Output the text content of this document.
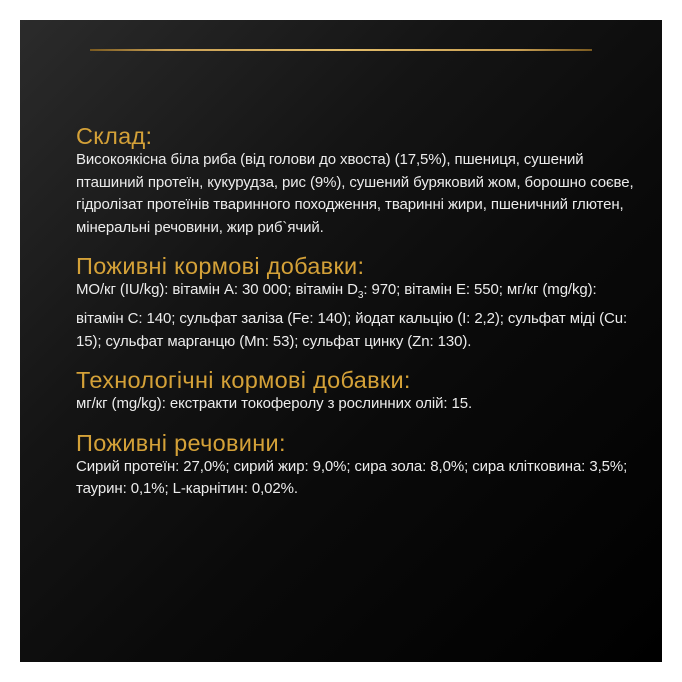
Склад:

Високоякісна біла риба (від голови до хвоста) (17,5%), пшениця, сушений пташиний протеїн, кукурудза, рис (9%), сушений буряковий жом, борошно соєве, гідролізат протеїнів тваринного походження, тваринні жири, пшеничний глютен, мінеральні речовини, жир риб`ячий.

Поживні кормові добавки:

МО/кг (IU/kg): вітамін А: 30 000; вітамін $D_3$: 970; вітамін Е: 550; мг/кг (mg/kg): вітамін С: 140; сульфат заліза (Fe: 140); йодат кальцію (I: 2,2); сульфат міді (Cu: 15); сульфат марганцю (Mn: 53); сульфат цинку (Zn: 130).

Технологічні кормові добавки:

мг/кг (mg/kg): екстракти токоферолу з рослинних олій: 15.

Поживні речовини:

Сирий протеїн: 27,0%; сирий жир: 9,0%; сира зола: 8,0%; сира клітковина: 3,5%; таурин: 0,1%; L-карнітин: 0,02%.
